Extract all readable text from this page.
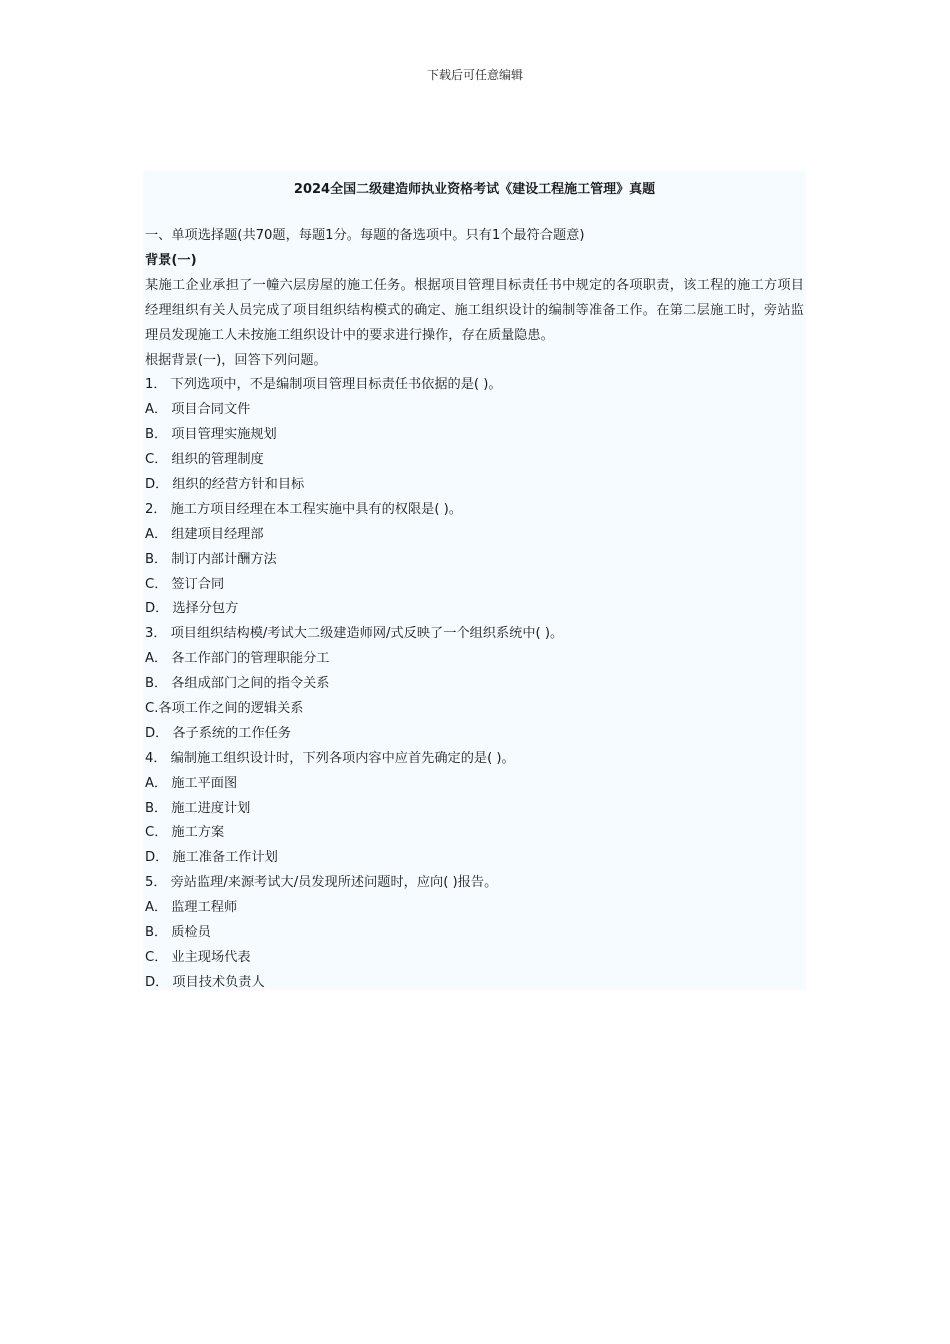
下载后可任意编辑
2024全国二级建造师执业资格考试《建设工程施工管理》真题
一、单项选择题(共70题，每题1分。每题的备选项中。只有1个最符合题意)
背景(一)
某施工企业承担了一幢六层房屋的施工任务。根据项目管理目标责任书中规定的各项职责，该工程的施工方项目经理组织有关人员完成了项目组织结构模式的确定、施工组织设计的编制等准备工作。在第二层施工时，旁站监理员发现施工人未按施工组织设计中的要求进行操作，存在质量隐患。
根据背景(一)，回答下列问题。
1． 下列选项中，不是编制项目管理目标责任书依据的是( )。
A． 项目合同文件
B． 项目管理实施规划
C． 组织的管理制度
D． 组织的经营方针和目标
2． 施工方项目经理在本工程实施中具有的权限是( )。
A． 组建项目经理部
B． 制订内部计酬方法
C． 签订合同
D． 选择分包方
3． 项目组织结构模/考试大二级建造师网/式反映了一个组织系统中( )。
A． 各工作部门的管理职能分工
B． 各组成部门之间的指令关系
C.各项工作之间的逻辑关系
D． 各子系统的工作任务
4． 编制施工组织设计时，下列各项内容中应首先确定的是( )。
A． 施工平面图
B． 施工进度计划
C． 施工方案
D． 施工准备工作计划
5． 旁站监理/来源考试大/员发现所述问题时，应向( )报告。
A． 监理工程师
B． 质检员
C． 业主现场代表
D． 项目技术负责人
